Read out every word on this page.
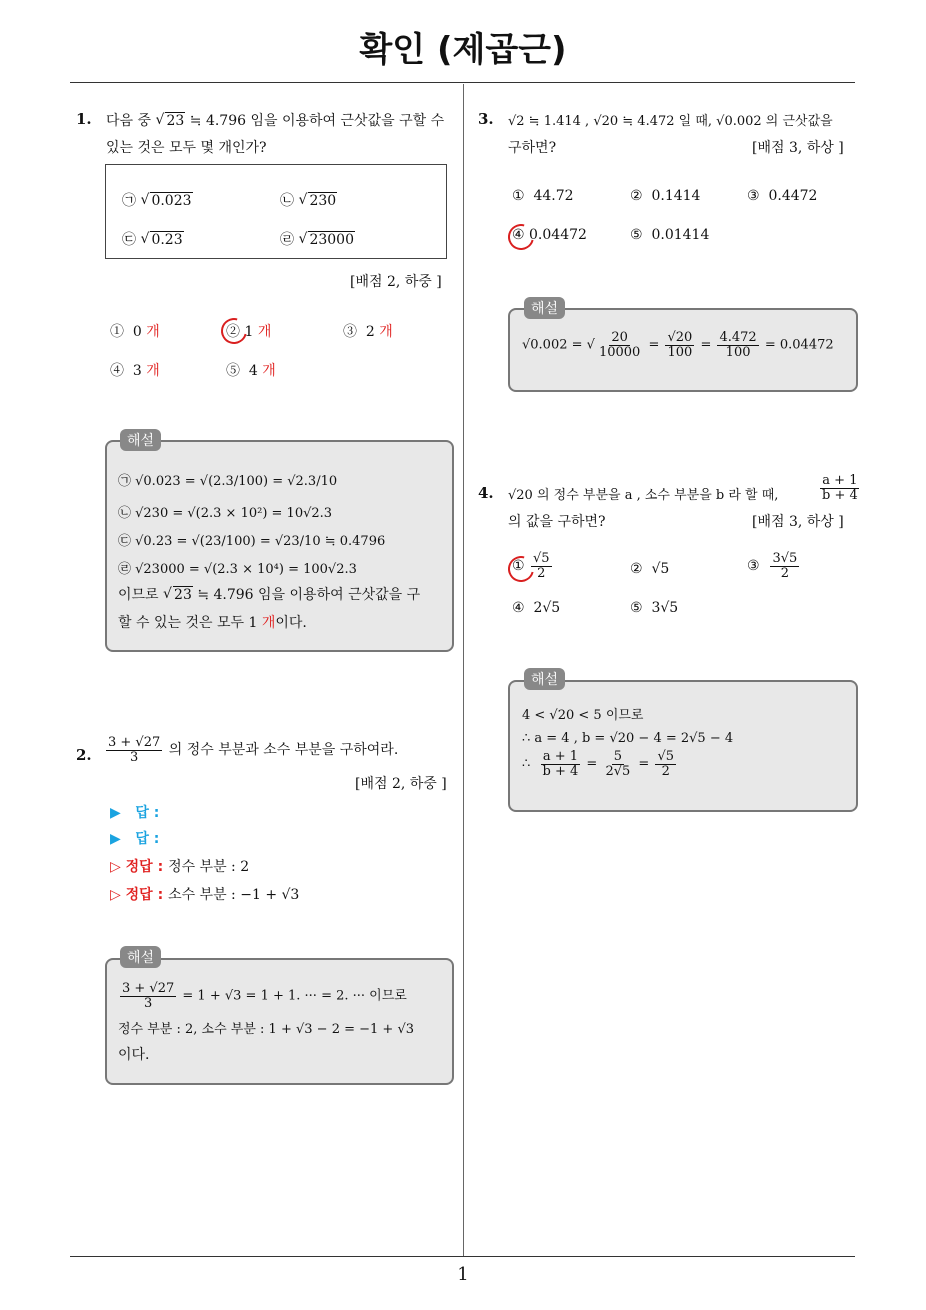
확인 (제곱근)
1
1. 다음 중 √ 23 ≒ 4.796 임을 이용하여 근삿값을 구할 수
있는 것은 모두 몇 개인가?
㉠ √ 0.023	㉡ √ 230
㉢ √ 0.23	㉣ √ 23000
[배점 2, 하중 ]
① 0 개	② 1 개	③ 2 개
④ 3 개	⑤ 4 개
해설
㉠ √0.023 = √(2.3/100) = √2.3/10
㉡ √230 = √(2.3 × 10²) = 10√2.3
㉢ √0.23 = √(23/100) = √23/10 ≒ 0.4796
㉣ √23000 = √(2.3 × 10⁴) = 100√2.3
이므로 √ 23 ≒ 4.796 임을 이용하여 근삿값을 구
할 수 있는 것은 모두 1 개이다.
2. $\frac{3 + √27}{3}$ 의 정수 부분과 소수 부분을 구하여라.
[배점 2, 하중 ]
▶ 답 :
▶ 답 :
▷ 정답 : 정수 부분 : 2
▷ 정답 : 소수 부분 : −1 + √3
해설
$\frac{3 + √27}{3} = 1 + √3 = 1 + 1$. ··· = 2. ··· 이므로
정수 부분 : 2, 소수 부분 : 1 + √3 − 2 = −1 + √3
이다.
3. √2 ≒ 1.414 , √20 ≒ 4.472 일 때, √0.002 의 근삿값을
구하면?	[배점 3, 하상 ]
① 44.72	② 0.1414	③ 0.4472
④ 0.04472	⑤ 0.01414
해설
√0.002 = √ $\frac{20}{10000} = \frac{√20}{100} = \frac{4.472}{100} = 0.04472$
4. √20 의 정수 부분을 a , 소수 부분을 b 라 할 때,	$\frac{a + 1}{b + 4}$
의 값을 구하면?	[배점 3, 하상 ]
① $\frac{√5}{2}$	② √5	③ $\frac{3√5}{2}$
④ 2√5	⑤ 3√5
해설
4 < √20 < 5 이므로
∴ a = 4 , b = √20 − 4 = 2√5 − 4
∴ $\frac{a + 1}{b + 4} = \frac{5}{2√5} = \frac{√5}{2}$
